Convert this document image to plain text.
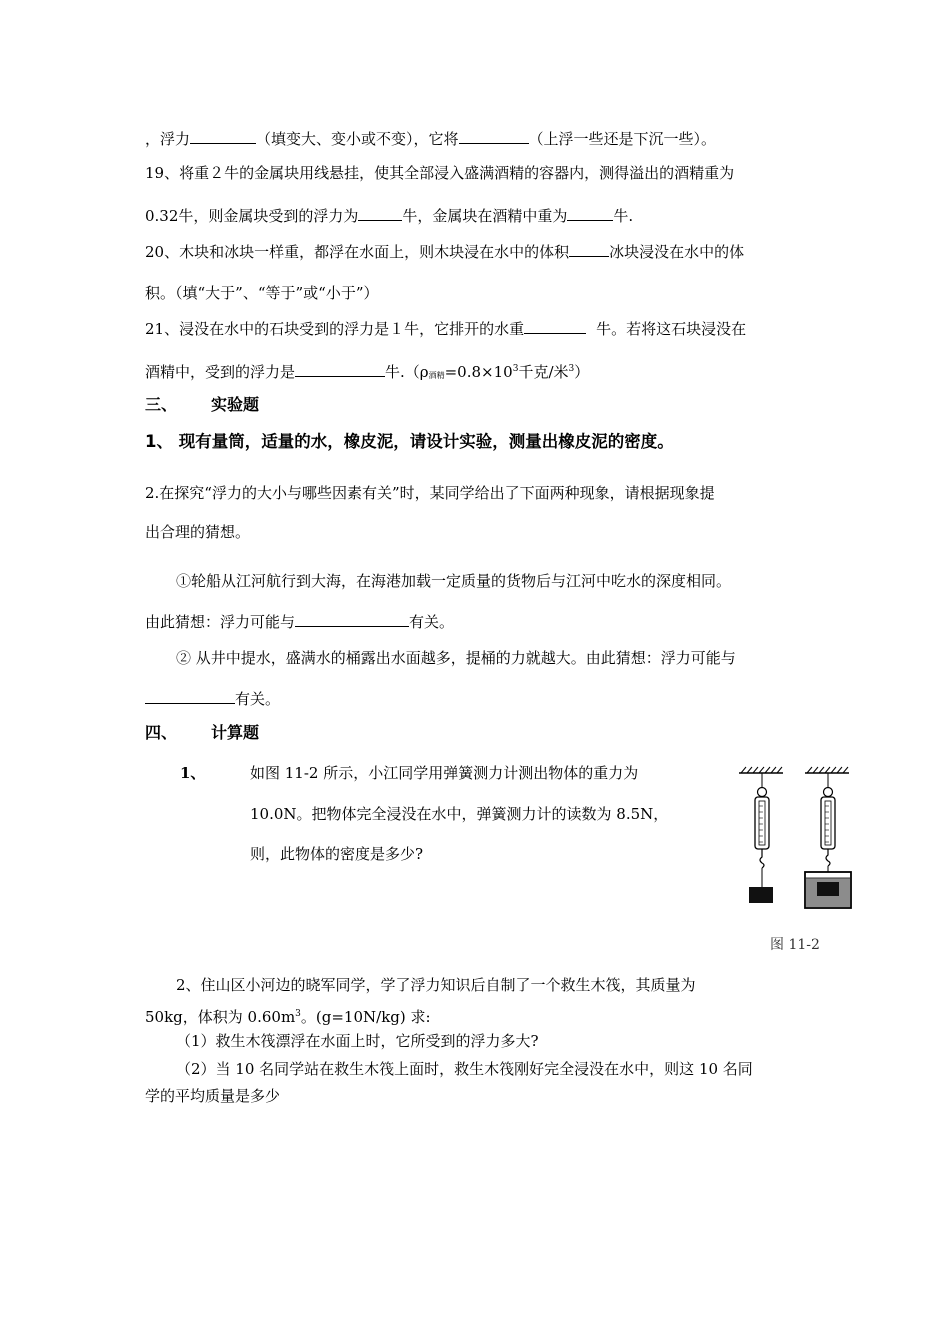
，浮力	（填变大、变小或不变），它将	（上浮一些还是下沉一些）。
19、将重２牛的金属块用线悬挂，使其全部浸入盛满酒精的容器内，测得溢出的酒精重为
0.32牛，则金属块受到的浮力为	牛，金属块在酒精中重为	牛.
20、木块和冰块一样重，都浮在水面上，则木块浸在水中的体积	冰块浸没在水中的体
积。（填“大于”、“等于”或“小于”）
21、浸没在水中的石块受到的浮力是１牛，它排开的水重	牛。若将这石块浸没在
酒精中，受到的浮力是	牛$.(\rho_{酒精}=0.8\times 10^3$千克/米$^3$）
三、 实验题
1、 现有量筒，适量的水，橡皮泥，请设计实验，测量出橡皮泥的密度。
2.在探究“浮力的大小与哪些因素有关”时，某同学给出了下面两种现象，请根据现象提
出合理的猜想。
①轮船从江河航行到大海，在海港加载一定质量的货物后与江河中吃水的深度相同。
由此猜想：浮力可能与	有关。
② 从井中提水，盛满水的桶露出水面越多，提桶的力就越大。由此猜想：浮力可能与
有关。
四、 计算题
1、	如图 11-2 所示，小江同学用弹簧测力计测出物体的重力为
10.0N。把物体完全浸没在水中，弹簧测力计的读数为 8.5N，
则，此物体的密度是多少?
图 11-2
2、住山区小河边的晓军同学，学了浮力知识后自制了一个救生木筏，其质量为
50kg，体积为 $0.60m^3$。(g=10N/kg) 求:
（1）救生木筏漂浮在水面上时，它所受到的浮力多大?
（2）当 10 名同学站在救生木筏上面时，救生木筏刚好完全浸没在水中，则这 10 名同
学的平均质量是多少
